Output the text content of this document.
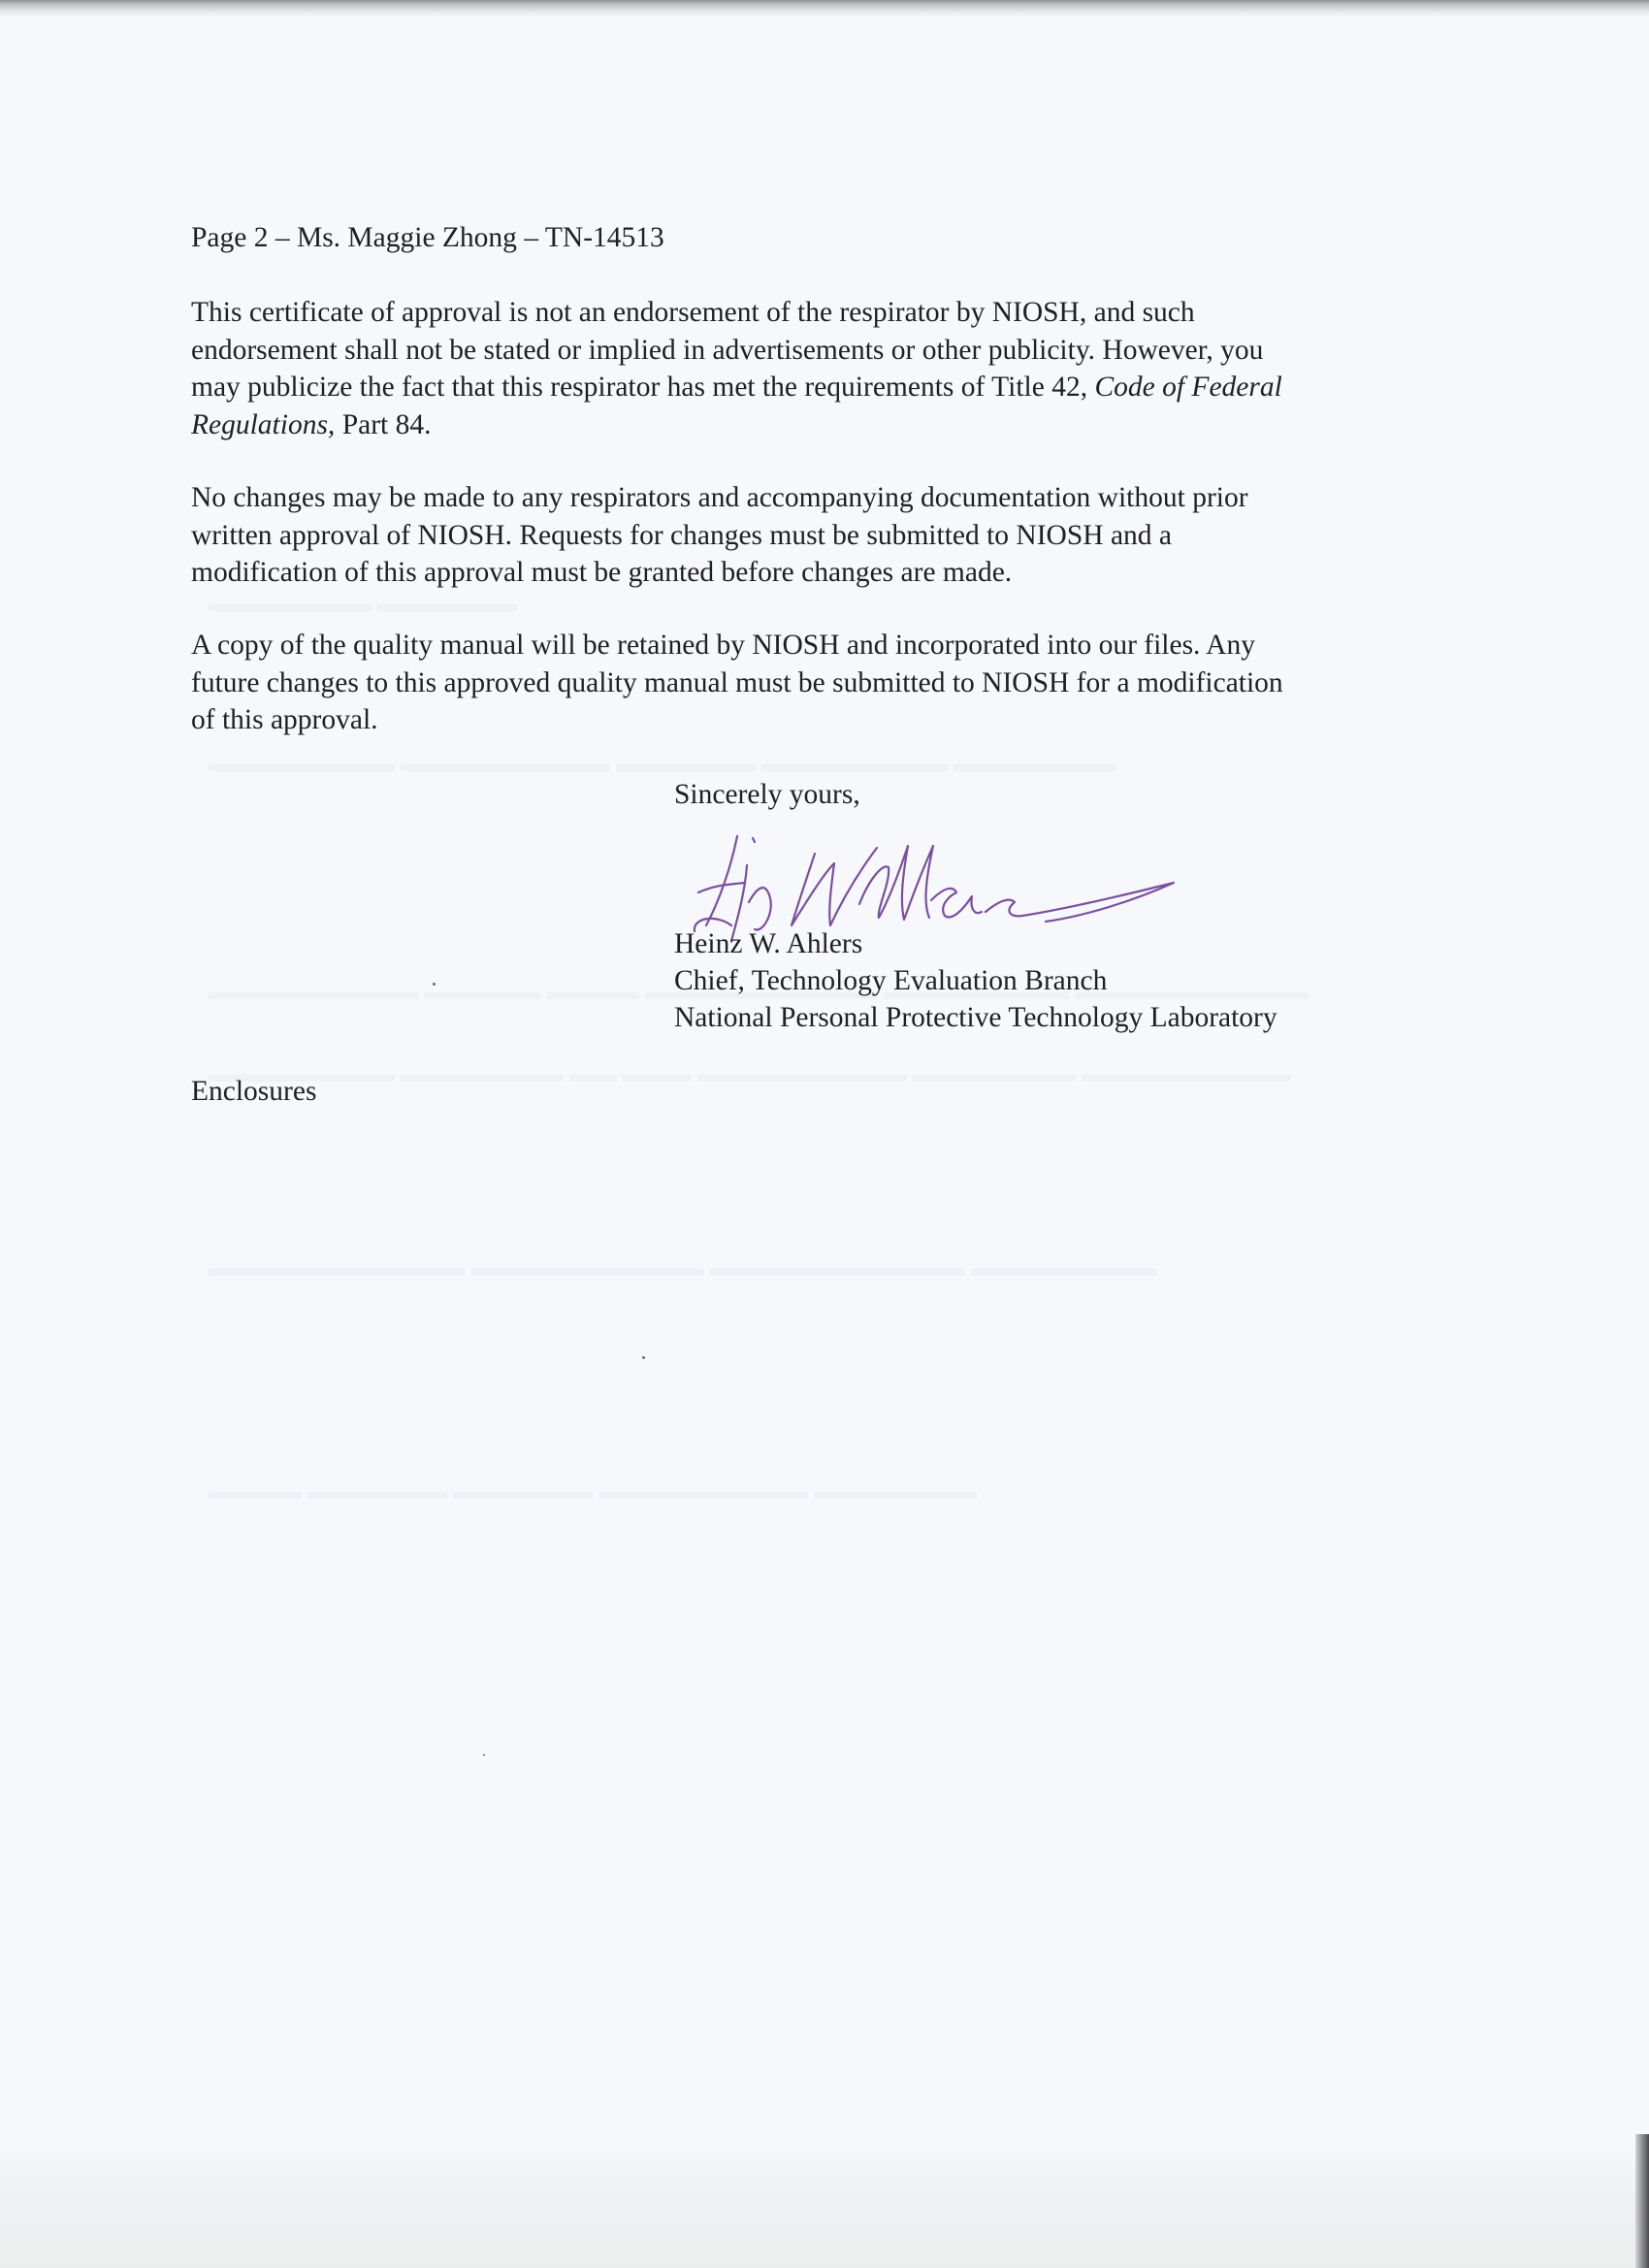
Page 2 – Ms. Maggie Zhong – TN-14513
This certificate of approval is not an endorsement of the respirator by NIOSH, and such
endorsement shall not be stated or implied in advertisements or other publicity. However, you
may publicize the fact that this respirator has met the requirements of Title 42, Code of Federal
Regulations, Part 84.
No changes may be made to any respirators and accompanying documentation without prior
written approval of NIOSH. Requests for changes must be submitted to NIOSH and a
modification of this approval must be granted before changes are made.
A copy of the quality manual will be retained by NIOSH and incorporated into our files. Any
future changes to this approved quality manual must be submitted to NIOSH for a modification
of this approval.
Sincerely yours,
Heinz W. Ahlers
Chief, Technology Evaluation Branch
National Personal Protective Technology Laboratory
Enclosures
